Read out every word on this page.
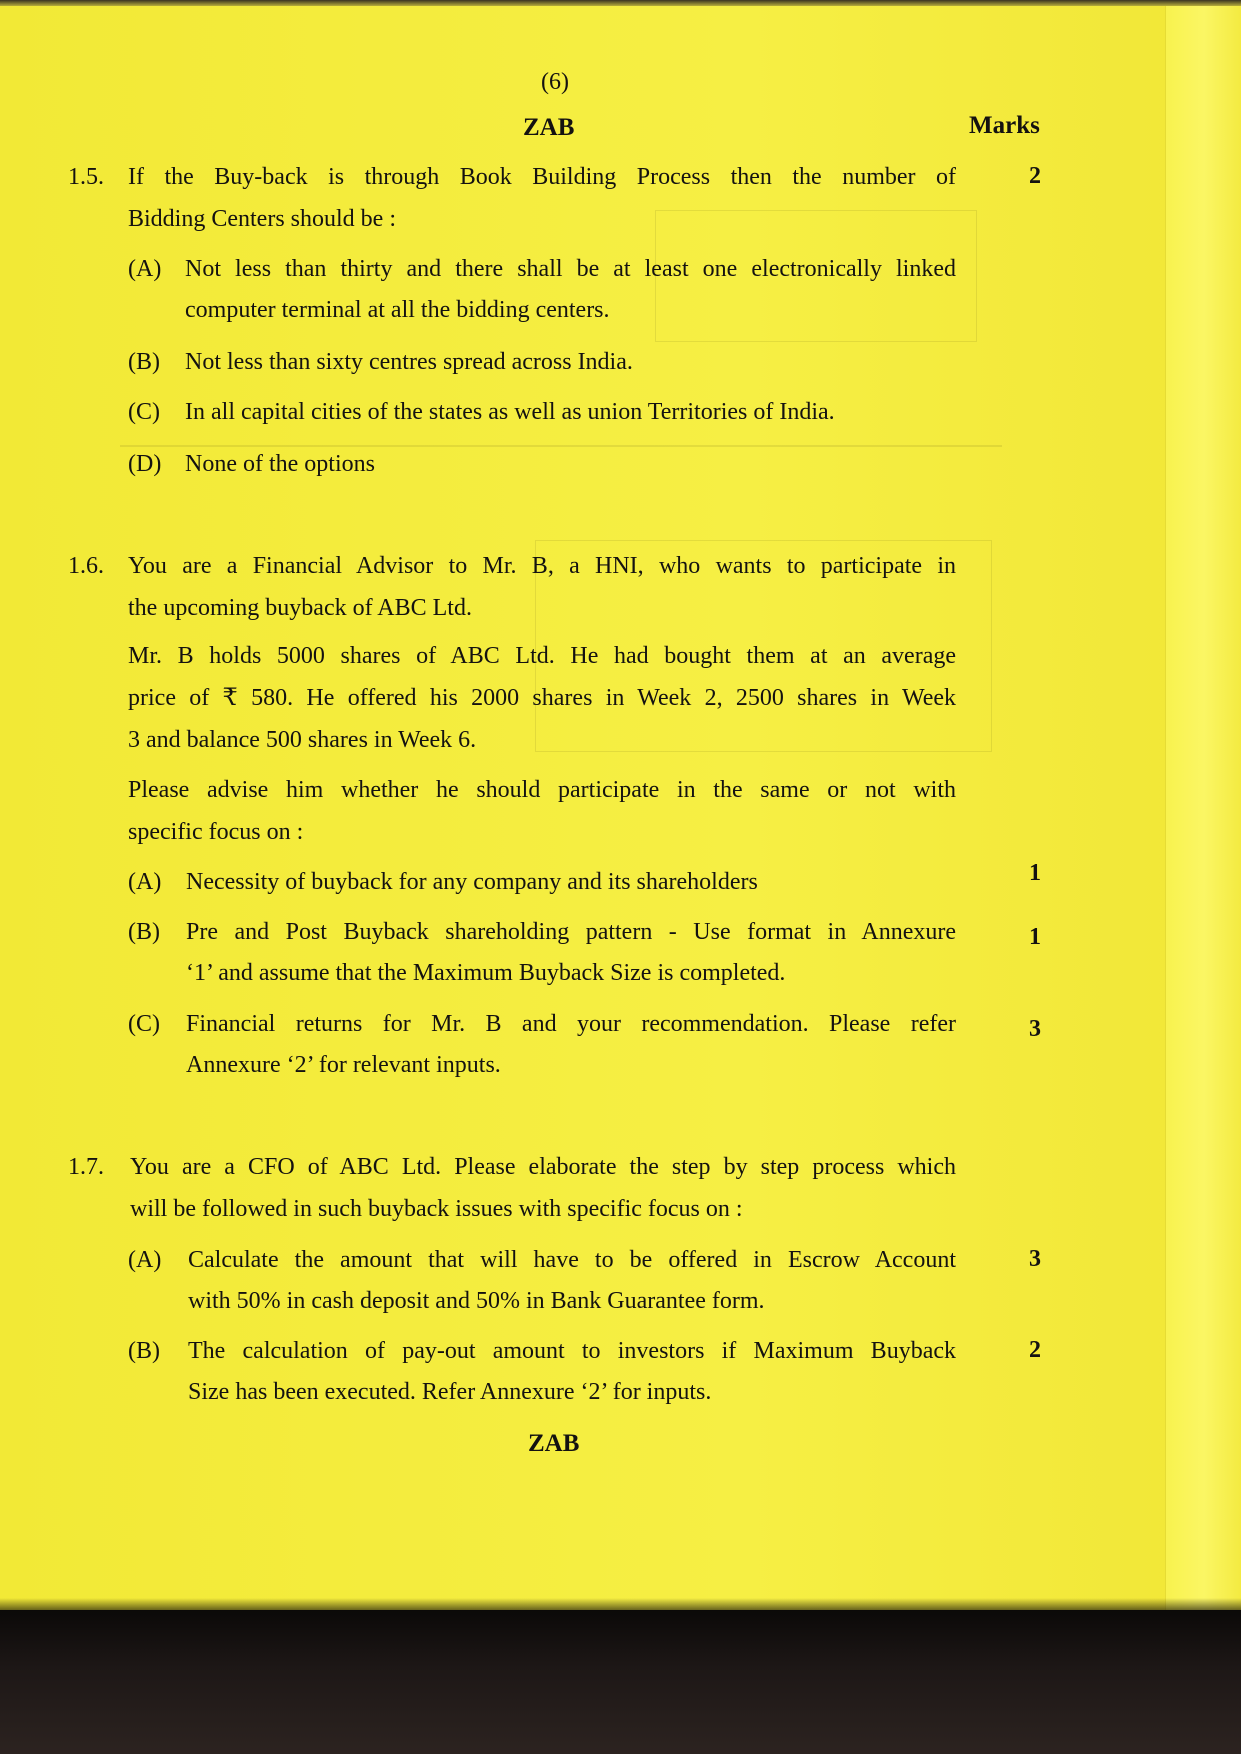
(6)
ZAB	Marks
1.5. If the Buy-back is through Book Building Process then the number of
Bidding Centers should be :
2
(A) Not less than thirty and there shall be at least one electronically linked
computer terminal at all the bidding centers.
(B) Not less than sixty centres spread across India.
(C) In all capital cities of the states as well as union Territories of India.
(D) None of the options
1.6. You are a Financial Advisor to Mr. B, a HNI, who wants to participate in
the upcoming buyback of ABC Ltd.
Mr. B holds 5000 shares of ABC Ltd. He had bought them at an average
price of ₹ 580. He offered his 2000 shares in Week 2, 2500 shares in Week
3 and balance 500 shares in Week 6.
Please advise him whether he should participate in the same or not with
specific focus on :
(A) Necessity of buyback for any company and its shareholders	1
(B) Pre and Post Buyback shareholding pattern - Use format in Annexure
‘1’ and assume that the Maximum Buyback Size is completed.
1
(C) Financial returns for Mr. B and your recommendation. Please refer
Annexure ‘2’ for relevant inputs.
3
1.7. You are a CFO of ABC Ltd. Please elaborate the step by step process which
will be followed in such buyback issues with specific focus on :
(A) Calculate the amount that will have to be offered in Escrow Account
with 50% in cash deposit and 50% in Bank Guarantee form.
3
(B) The calculation of pay-out amount to investors if Maximum Buyback
Size has been executed. Refer Annexure ‘2’ for inputs.
2
ZAB
